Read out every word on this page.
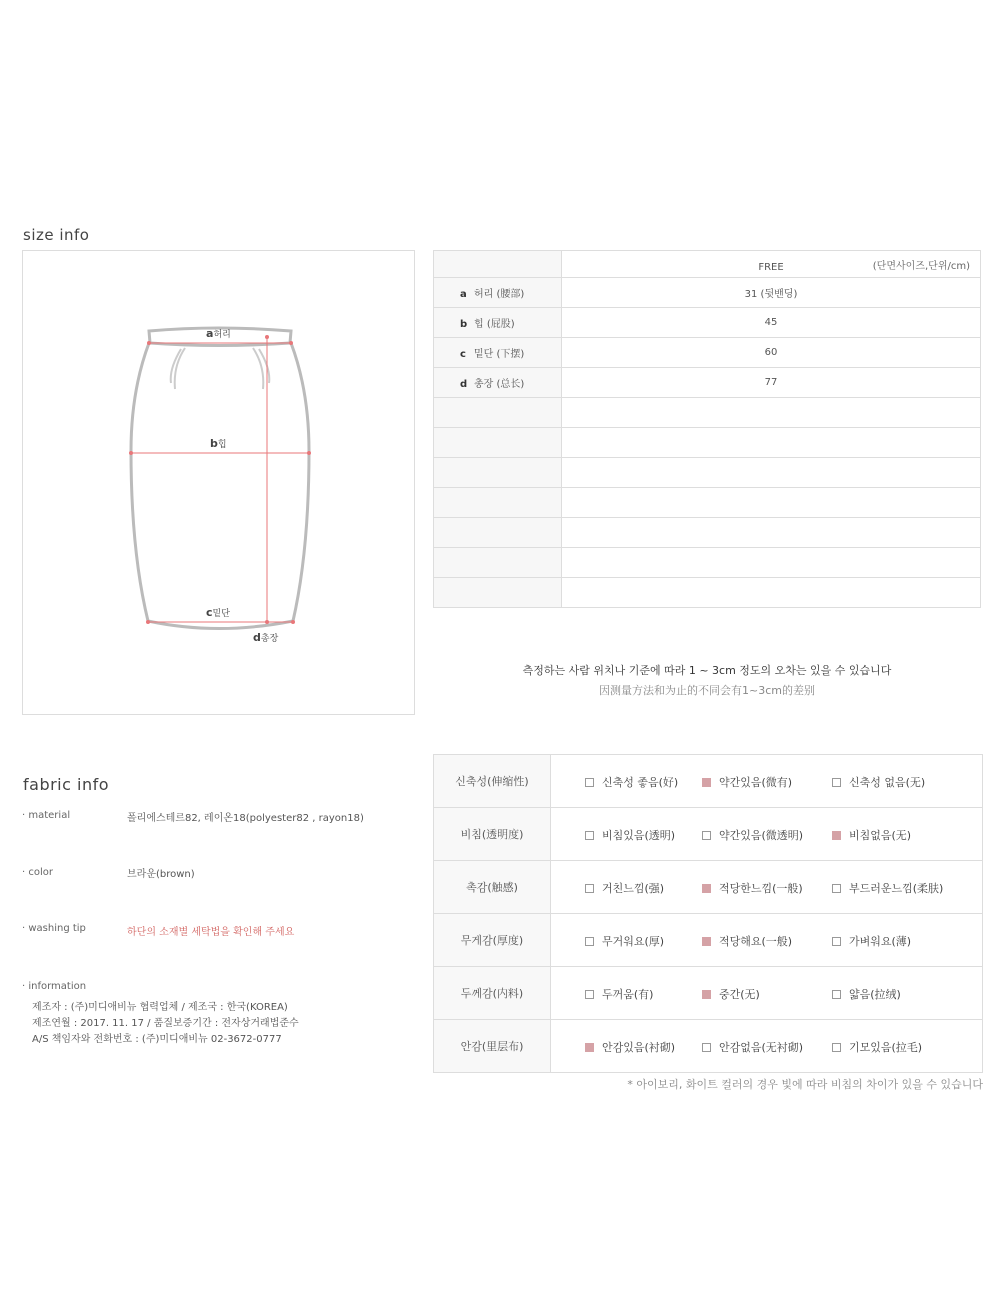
size info
a허리
b힙
c밑단
d총장
	FREE (단면사이즈,단위/cm)

a 허리 (腰部)	31 (뒷밴딩)
b 힙 (屁股)	45
c 밑단 (下摆)	60
d 총장 (总长)	77

측정하는 사람 위치나 기준에 따라 1 ~ 3cm 정도의 오차는 있을 수 있습니다
因测量方法和为止的不同会有1~3cm的差别
fabric info
· material	폴리에스테르82, 레이온18(polyester82 , rayon18)
· color	브라운(brown)
· washing tip	하단의 소재별 세탁법을 확인해 주세요
· information
제조자 : (주)미디애비뉴 협력업체 / 제조국 : 한국(KOREA)
제조연월 : 2017. 11. 17 / 품질보증기간 : 전자상거래법준수
A/S 책임자와 전화번호 : (주)미디애비뉴 02-3672-0777
신축성(伸缩性)	신축성 좋음(好) 약간있음(微有) 신축성 없음(无)

비침(透明度)	비침있음(透明) 약간있음(微透明) 비침없음(无)

촉감(触感)	거친느낌(强) 적당한느낌(一般) 부드러운느낌(柔肤)

무게감(厚度)	무거워요(厚) 적당해요(一般) 가벼워요(薄)

두께감(内料)	두꺼움(有) 중간(无) 얇음(拉绒)

안감(里层布)	안감있음(衬砌) 안감없음(无衬砌) 기모있음(拉毛)
* 아이보리, 화이트 컬러의 경우 빛에 따라 비침의 차이가 있을 수 있습니다
